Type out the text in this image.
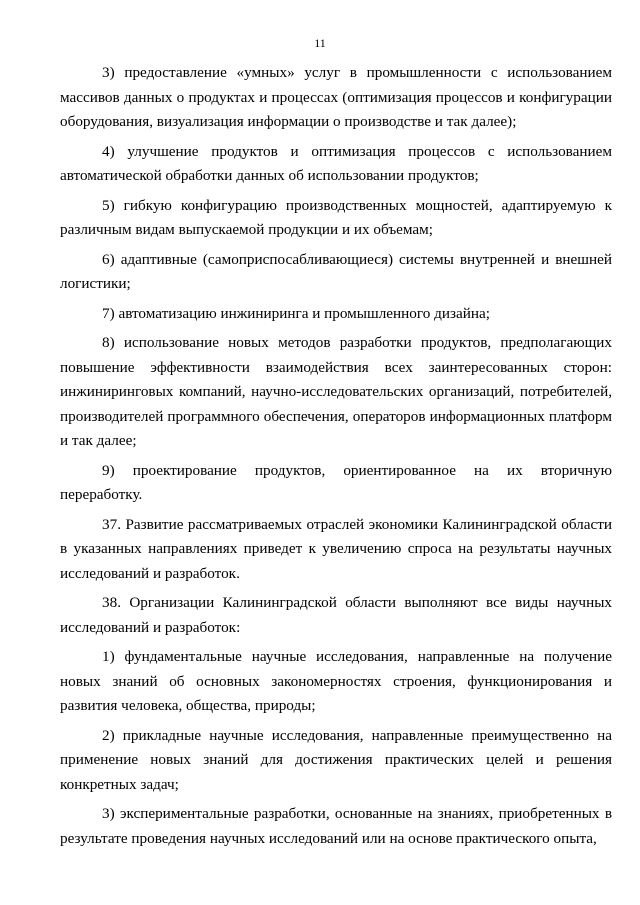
11

3) предоставление «умных» услуг в промышленности с использованием массивов данных о продуктах и процессах (оптимизация процессов и конфигурации оборудования, визуализация информации о производстве и так далее);

4) улучшение продуктов и оптимизация процессов с использованием автоматической обработки данных об использовании продуктов;

5) гибкую конфигурацию производственных мощностей, адаптируемую к различным видам выпускаемой продукции и их объемам;

6) адаптивные (самоприспосабливающиеся) системы внутренней и внешней логистики;

7) автоматизацию инжиниринга и промышленного дизайна;

8) использование новых методов разработки продуктов, предполагающих повышение эффективности взаимодействия всех заинтересованных сторон: инжиниринговых компаний, научно-исследовательских организаций, потребителей, производителей программного обеспечения, операторов информационных платформ и так далее;

9) проектирование продуктов, ориентированное на их вторичную переработку.

37. Развитие рассматриваемых отраслей экономики Калининградской области в указанных направлениях приведет к увеличению спроса на результаты научных исследований и разработок.

38. Организации Калининградской области выполняют все виды научных исследований и разработок:

1) фундаментальные научные исследования, направленные на получение новых знаний об основных закономерностях строения, функционирования и развития человека, общества, природы;

2) прикладные научные исследования, направленные преимущественно на применение новых знаний для достижения практических целей и решения конкретных задач;

3) экспериментальные разработки, основанные на знаниях, приобретенных в результате проведения научных исследований или на основе практического опыта,
